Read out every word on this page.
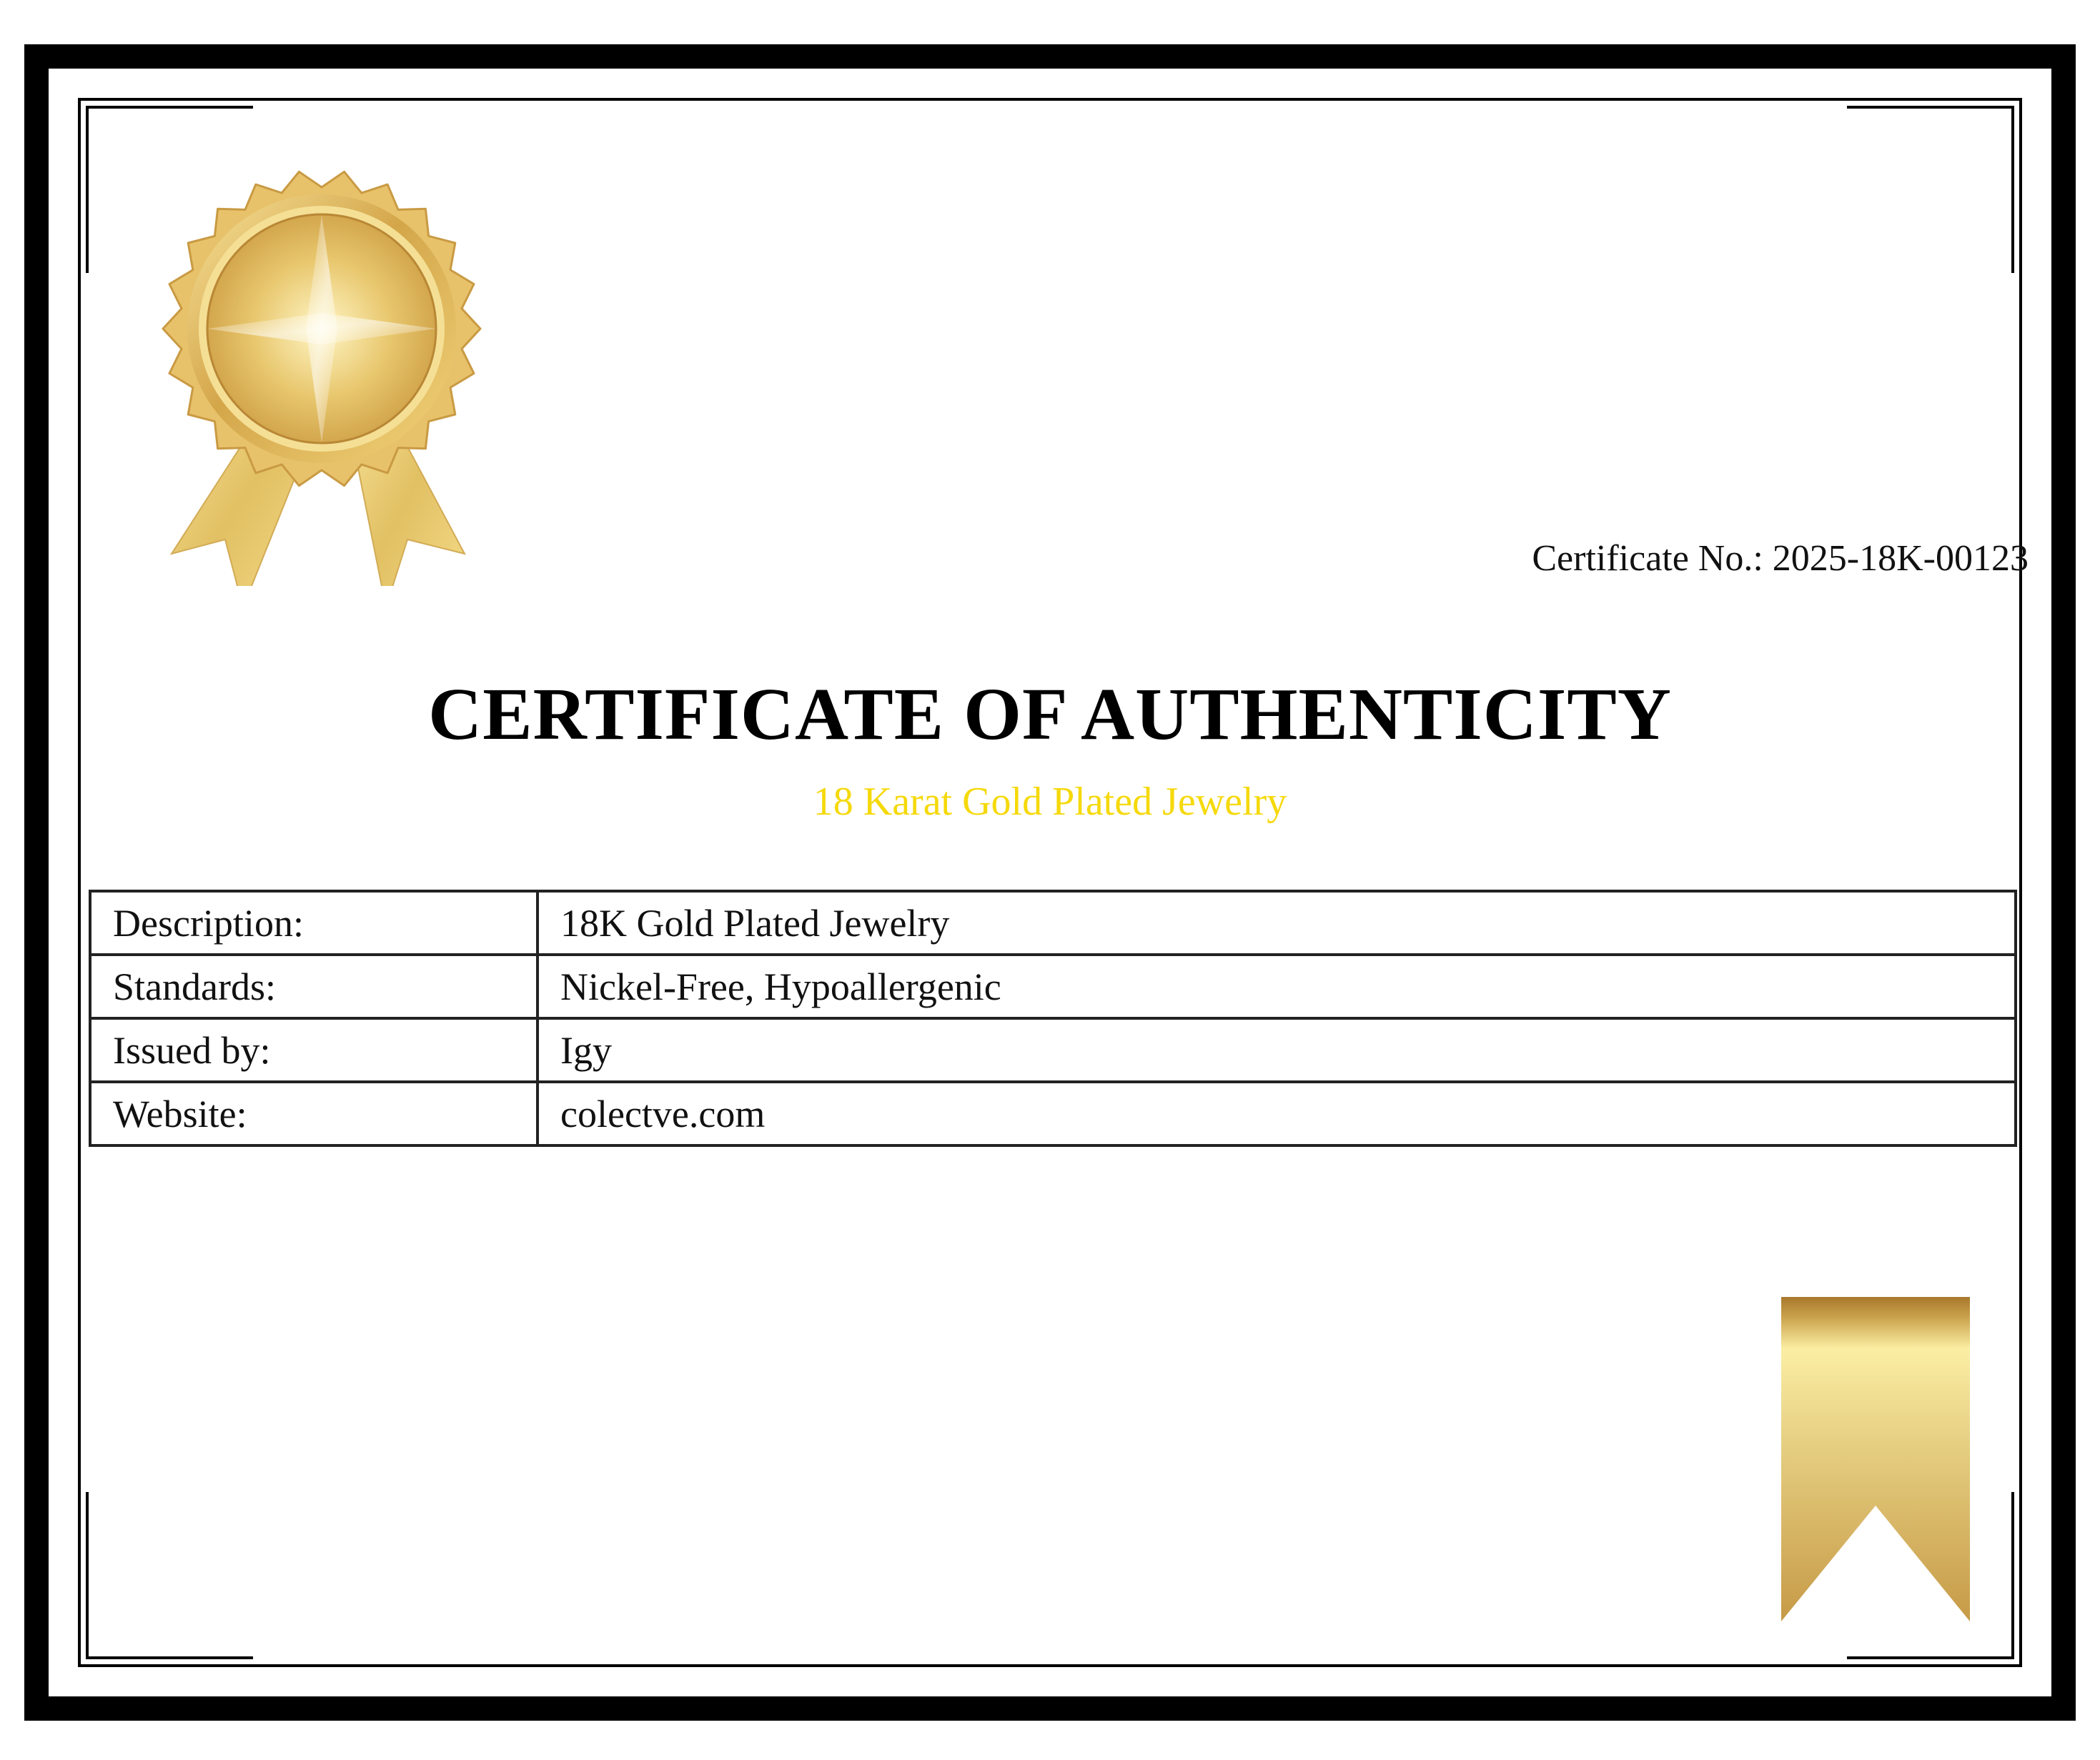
Certificate No.: 2025-18K-00123
CERTIFICATE OF AUTHENTICITY
18 Karat Gold Plated Jewelry
Description:	18K Gold Plated Jewelry
Standards:	Nickel-Free, Hypoallergenic
Issued by:	Igy
Website:	colectve.com
